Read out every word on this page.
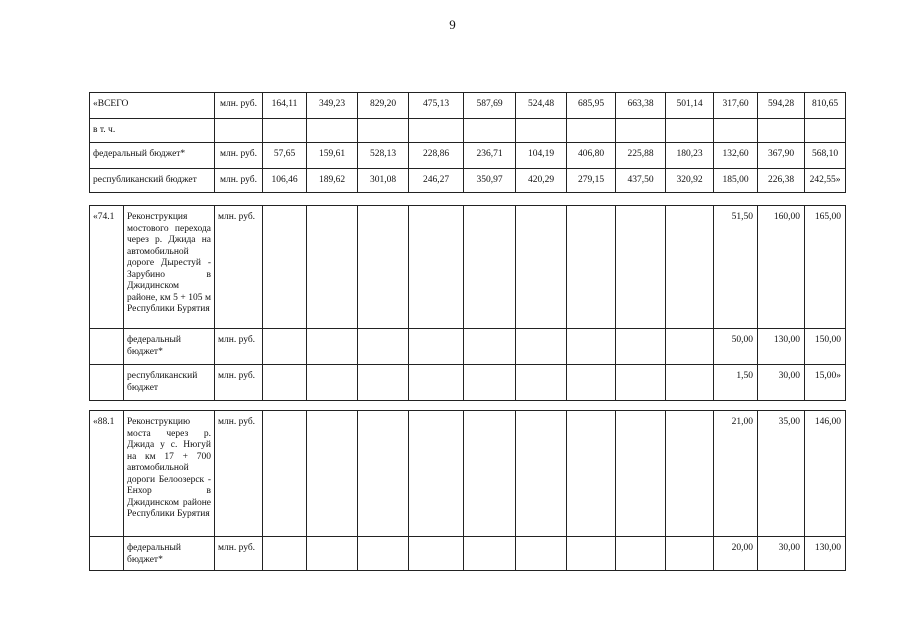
9
«ВСЕГО	млн. руб.	164,11	349,23	829,20	475,13	587,69	524,48	685,95	663,38	501,14	317,60	594,28	810,65
в т. ч.													
федеральный бюджет*	млн. руб.	57,65	159,61	528,13	228,86	236,71	104,19	406,80	225,88	180,23	132,60	367,90	568,10
республиканский бюджет	млн. руб.	106,46	189,62	301,08	246,27	350,97	420,29	279,15	437,50	320,92	185,00	226,38	242,55»
«74.1	Реконструкция мостового перехода через р. Джида на автомобильной дороге Дырестуй - Зарубино в Джидинском районе, км 5 + 105 м Республики Бурятия	млн. руб.										51,50	160,00	165,00
	федеральный бюджет*	млн. руб.										50,00	130,00	150,00
	республиканский бюджет	млн. руб.										1,50	30,00	15,00»
«88.1	Реконструкцию моста через р. Джида у с. Нюгуй на км 17 + 700 автомобильной дороги Белоозерск - Енхор в Джидинском районе Республики Бурятия	млн. руб.										21,00	35,00	146,00
	федеральный бюджет*	млн. руб.										20,00	30,00	130,00
